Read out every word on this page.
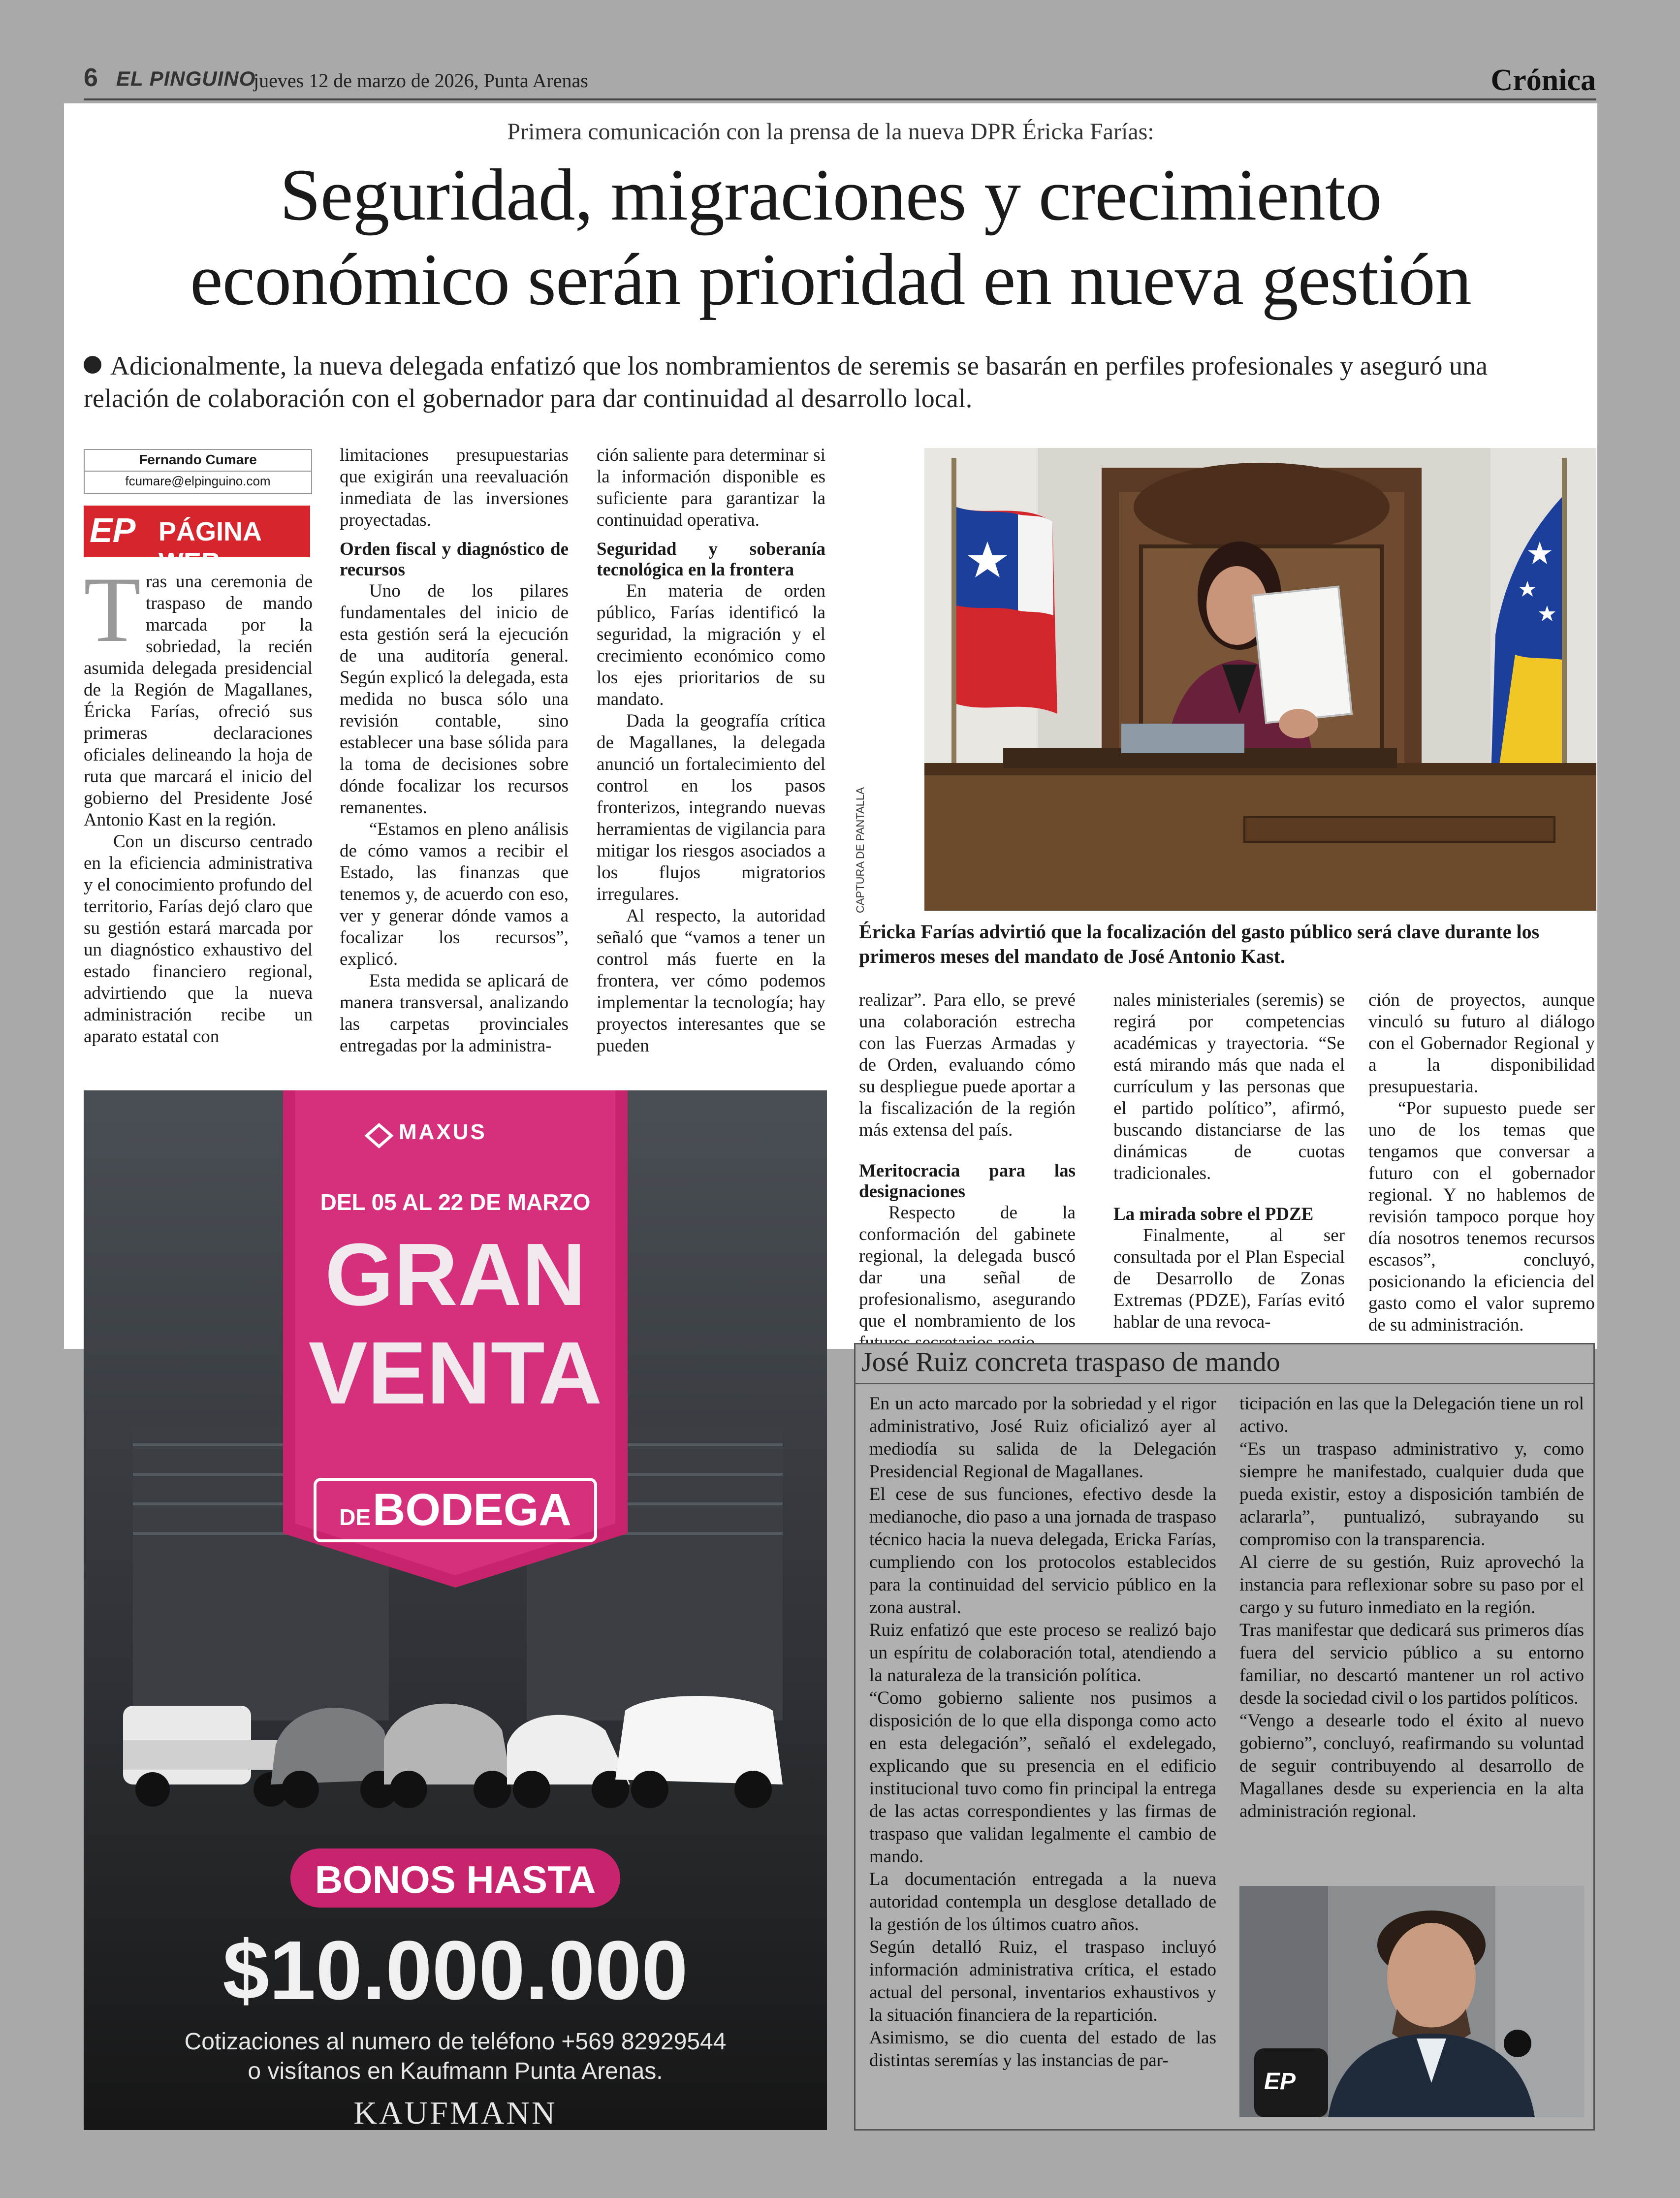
6 EL PINGUINO
jueves 12 de marzo de 2026, Punta Arenas	Crónica
Primera comunicación con la prensa de la nueva DPR Éricka Farías:
Seguridad, migraciones y crecimiento
económico serán prioridad en nueva gestión
Adicionalmente, la nueva delegada enfatizó que los nombramientos de seremis se basarán en perfiles profesionales y aseguró una relación de colaboración con el gobernador para dar continuidad al desarrollo local.
Fernando Cumare
fcumare@elpinguino.com
EP PÁGINA WEB
T ras una ceremonia de traspaso de mando marcada por la sobriedad, la recién asumida delegada presidencial de la Región de Magallanes, Éricka Farías, ofreció sus primeras declaraciones oficiales delineando la hoja de ruta que marcará el inicio del gobierno del Presidente José Antonio Kast en la región.

Con un discurso centrado en la eficiencia administrativa y el conocimiento profundo del territorio, Farías dejó claro que su gestión estará marcada por un diagnóstico exhaustivo del estado financiero regional, advirtiendo que la nueva administración recibe un aparato estatal con

limitaciones presupuestarias que exigirán una reevaluación inmediata de las inversiones proyectadas.

Orden fiscal y diagnóstico de recursos

Uno de los pilares fundamentales del inicio de esta gestión será la ejecución de una auditoría general. Según explicó la delegada, esta medida no busca sólo una revisión contable, sino establecer una base sólida para la toma de decisiones sobre dónde focalizar los recursos remanentes.

“Estamos en pleno análisis de cómo vamos a recibir el Estado, las finanzas que tenemos y, de acuerdo con eso, ver y generar dónde vamos a focalizar los recursos”, explicó.

Esta medida se aplicará de manera transversal, analizando las carpetas provinciales entregadas por la administra-

ción saliente para determinar si la información disponible es suficiente para garantizar la continuidad operativa.

Seguridad y soberanía tecnológica en la frontera

En materia de orden público, Farías identificó la seguridad, la migración y el crecimiento económico como los ejes prioritarios de su mandato.

Dada la geografía crítica de Magallanes, la delegada anunció un fortalecimiento del control en los pasos fronterizos, integrando nuevas herramientas de vigilancia para mitigar los riesgos asociados a los flujos migratorios irregulares.

Al respecto, la autoridad señaló que “vamos a tener un control más fuerte en la frontera, ver cómo podemos implementar la tecnología; hay proyectos interesantes que se pueden

CAPTURA DE PANTALLA
Éricka Farías advirtió que la focalización del gasto público será clave durante los primeros meses del mandato de José Antonio Kast.

realizar”. Para ello, se prevé una colaboración estrecha con las Fuerzas Armadas y de Orden, evaluando cómo su despliegue puede aportar a la fiscalización de la región más extensa del país.

Meritocracia para las designaciones

Respecto de la conformación del gabinete regional, la delegada buscó dar una señal de profesionalismo, asegurando que el nombramiento de los

nales ministeriales (seremis) se regirá por competencias académicas y trayectoria. “Se está mirando más que nada el currículum y las personas que el partido político”, afirmó, buscando distanciarse de las dinámicas de cuotas tradicionales.

La mirada sobre el PDZE

Finalmente, al ser consultada por el Plan Especial de Desarrollo de Zonas Extremas (PDZE), Farías evitó hablar de una revoca-

ción de proyectos, aunque vinculó su futuro al diálogo con el Gobernador Regional y a la disponibilidad presupuestaria.

“Por supuesto puede ser uno de los temas que tengamos que conversar a futuro con el gobernador regional. Y no hablemos de revisión tampoco porque hoy día nosotros tenemos recursos escasos”, concluyó, posicionando la eficiencia del gasto como el valor supremo de su administración.

MAXUS
DEL 05 AL 22 DE MARZO
GRAN
VENTA
DE BODEGA
BONOS HASTA
$10.000.000
Cotizaciones al numero de teléfono +569 82929544
o visítanos en Kaufmann Punta Arenas.
KAUFMANN
José Ruiz concreta traspaso de mando

En un acto marcado por la sobriedad y el rigor administrativo, José Ruiz oficializó ayer al mediodía su salida de la Delegación Presidencial Regional de Magallanes.

El cese de sus funciones, efectivo desde la medianoche, dio paso a una jornada de traspaso técnico hacia la nueva delegada, Ericka Farías, cumpliendo con los protocolos establecidos para la continuidad del servicio público en la zona austral.

Ruiz enfatizó que este proceso se realizó bajo un espíritu de colaboración total, atendiendo a la naturaleza de la transición política.

“Como gobierno saliente nos pusimos a disposición de lo que ella disponga como acto en esta delegación”, señaló el exdelegado, explicando que su presencia en el edificio institucional tuvo como fin principal la entrega de las actas correspondientes y las firmas de traspaso que validan legalmente el cambio de mando.

La documentación entregada a la nueva autoridad contempla un desglose detallado de la gestión de los últimos cuatro años.

Según detalló Ruiz, el traspaso incluyó información administrativa crítica, el estado actual del personal, inventarios exhaustivos y la situación financiera de la repartición.

Asimismo, se dio cuenta del estado de las distintas seremías y las instancias de par-

ticipación en las que la Delegación tiene un rol activo.

“Es un traspaso administrativo y, como siempre he manifestado, cualquier duda que pueda existir, estoy a disposición también de aclararla”, puntualizó, subrayando su compromiso con la transparencia.

Al cierre de su gestión, Ruiz aprovechó la instancia para reflexionar sobre su paso por el cargo y su futuro inmediato en la región.

Tras manifestar que dedicará sus primeros días fuera del servicio público a su entorno familiar, no descartó mantener un rol activo desde la sociedad civil o los partidos políticos.

“Vengo a desearle todo el éxito al nuevo gobierno”, concluyó, reafirmando su voluntad de seguir contribuyendo al desarrollo de Magallanes desde su experiencia en la alta administración regional.

EP
